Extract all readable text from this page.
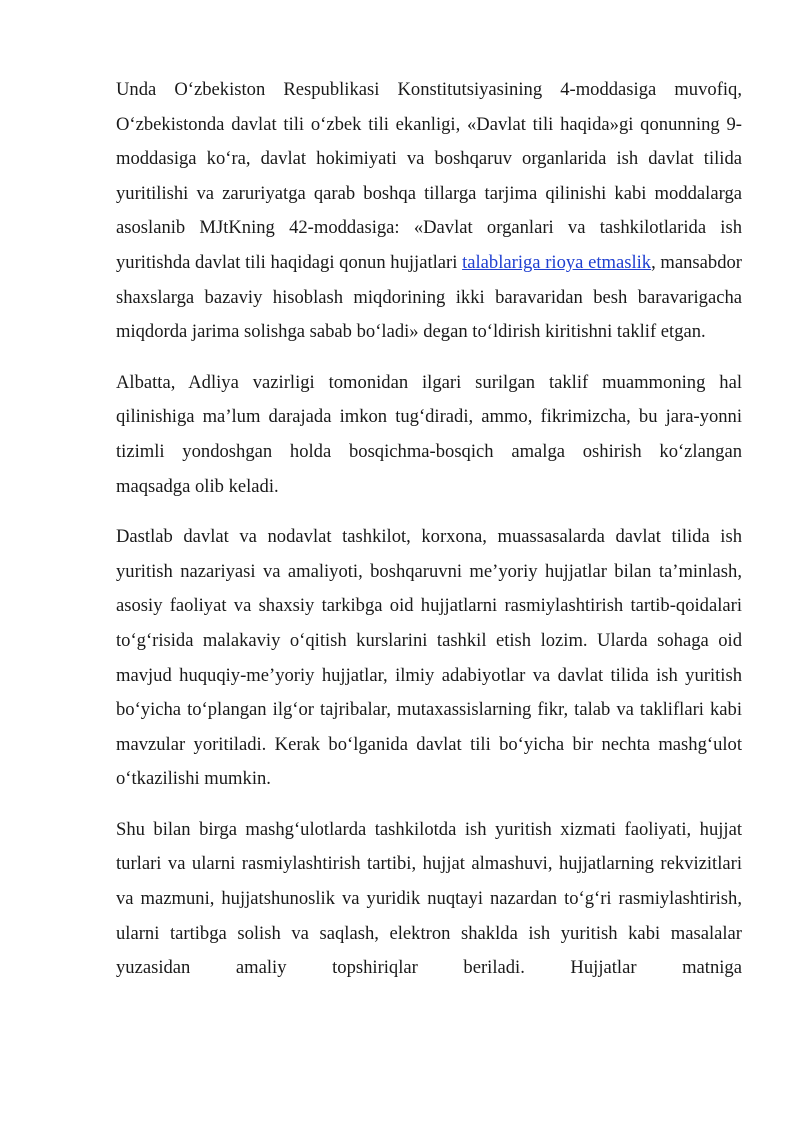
Unda O‘zbekiston Respublikasi Konstitutsiyasining 4-moddasiga muvofiq, O‘zbekistonda davlat tili o‘zbek tili ekanligi, «Davlat tili haqida»gi qonunning 9-moddasiga ko‘ra, davlat hokimiyati va boshqaruv organlarida ish davlat tilida yuritilishi va zaruriyatga qarab boshqa tillarga tarjima qilinishi kabi moddalarga asoslanib MJtKning 42-moddasiga: «Davlat organlari va tashkilotlarida ish yuritishda davlat tili haqidagi qonun hujjatlari talablariga rioya etmaslik, mansabdor shaxslarga bazaviy hisoblash miqdorining ikki baravaridan besh baravarigacha miqdorda jarima solishga sabab bo‘ladi» degan to‘ldirish kiritishni taklif etgan.

Albatta, Adliya vazirligi tomonidan ilgari surilgan taklif muammoning hal qilinishiga ma’lum darajada imkon tug‘diradi, ammo, fikrimizcha, bu jara-yonni tizimli yondoshgan holda bosqichma-bosqich amalga oshirish ko‘zlangan maqsadga olib keladi.

Dastlab davlat va nodavlat tashkilot, korxona, muassasalarda davlat tilida ish yuritish nazariyasi va amaliyoti, boshqaruvni me’yoriy hujjatlar bilan ta’minlash, asosiy faoliyat va shaxsiy tarkibga oid hujjatlarni rasmiylashtirish tartib-qoidalari to‘g‘risida malakaviy o‘qitish kurslarini tashkil etish lozim. Ularda sohaga oid mavjud huquqiy-me’yoriy hujjatlar, ilmiy adabiyotlar va davlat tilida ish yuritish bo‘yicha to‘plangan ilg‘or tajribalar, mutaxassislarning fikr, talab va takliflari kabi mavzular yoritiladi. Kerak bo‘lganida davlat tili bo‘yicha bir nechta mashg‘ulot o‘tkazilishi mumkin.

Shu bilan birga mashg‘ulotlarda tashkilotda ish yuritish xizmati faoliyati, hujjat turlari va ularni rasmiylashtirish tartibi, hujjat almashuvi, hujjatlarning rekvizitlari va mazmuni, hujjatshunoslik va yuridik nuqtayi nazardan to‘g‘ri rasmiylashtirish, ularni tartibga solish va saqlash, elektron shaklda ish yuritish kabi masalalar yuzasidan amaliy topshiriqlar beriladi. Hujjatlar matniga
